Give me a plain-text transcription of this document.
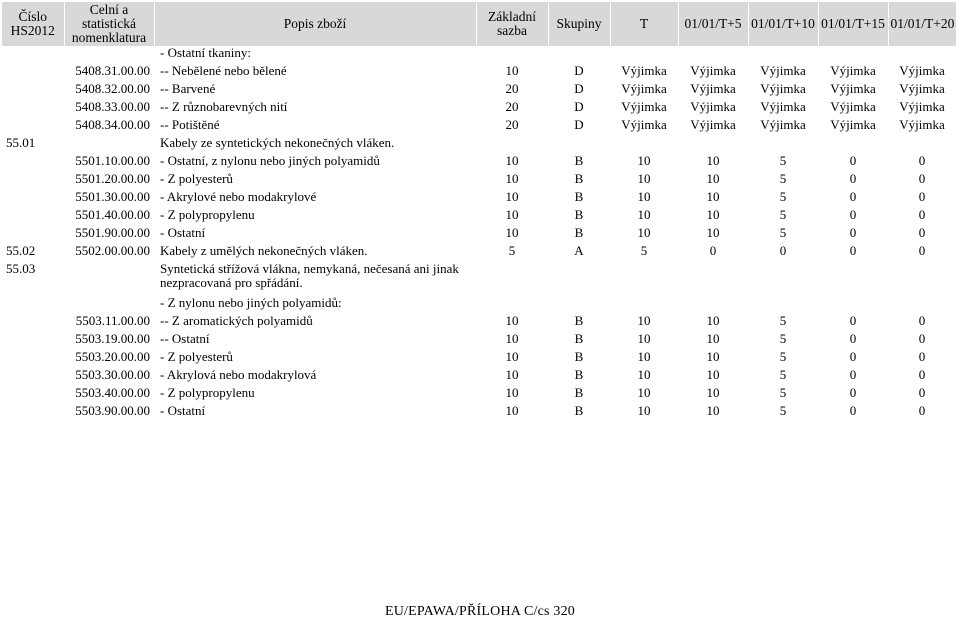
Číslo HS2012	Celní a statistická nomenklatura	Popis zboží	Základní sazba	Skupiny	T	01/01/T+5	01/01/T+10	01/01/T+15	01/01/T+20
		- Ostatní tkaniny:							
	5408.31.00.00	-- Nebělené nebo bělené	10	D	Výjimka	Výjimka	Výjimka	Výjimka	Výjimka
	5408.32.00.00	-- Barvené	20	D	Výjimka	Výjimka	Výjimka	Výjimka	Výjimka
	5408.33.00.00	-- Z různobarevných nití	20	D	Výjimka	Výjimka	Výjimka	Výjimka	Výjimka
	5408.34.00.00	-- Potištěné	20	D	Výjimka	Výjimka	Výjimka	Výjimka	Výjimka
55.01		Kabely ze syntetických nekonečných vláken.							
	5501.10.00.00	- Ostatní, z nylonu nebo jiných polyamidů	10	B	10	10	5	0	0
	5501.20.00.00	- Z polyesterů	10	B	10	10	5	0	0
	5501.30.00.00	- Akrylové nebo modakrylové	10	B	10	10	5	0	0
	5501.40.00.00	- Z polypropylenu	10	B	10	10	5	0	0
	5501.90.00.00	- Ostatní	10	B	10	10	5	0	0
55.02	5502.00.00.00	Kabely z umělých nekonečných vláken.	5	A	5	0	0	0	0
55.03		Syntetická střížová vlákna, nemykaná, nečesaná ani jinak nezpracovaná pro spřádání.							
		- Z nylonu nebo jiných polyamidů:							
	5503.11.00.00	-- Z aromatických polyamidů	10	B	10	10	5	0	0
	5503.19.00.00	-- Ostatní	10	B	10	10	5	0	0
	5503.20.00.00	- Z polyesterů	10	B	10	10	5	0	0
	5503.30.00.00	- Akrylová nebo modakrylová	10	B	10	10	5	0	0
	5503.40.00.00	- Z polypropylenu	10	B	10	10	5	0	0
	5503.90.00.00	- Ostatní	10	B	10	10	5	0	0
EU/EPAWA/PŘÍLOHA C/cs 320
